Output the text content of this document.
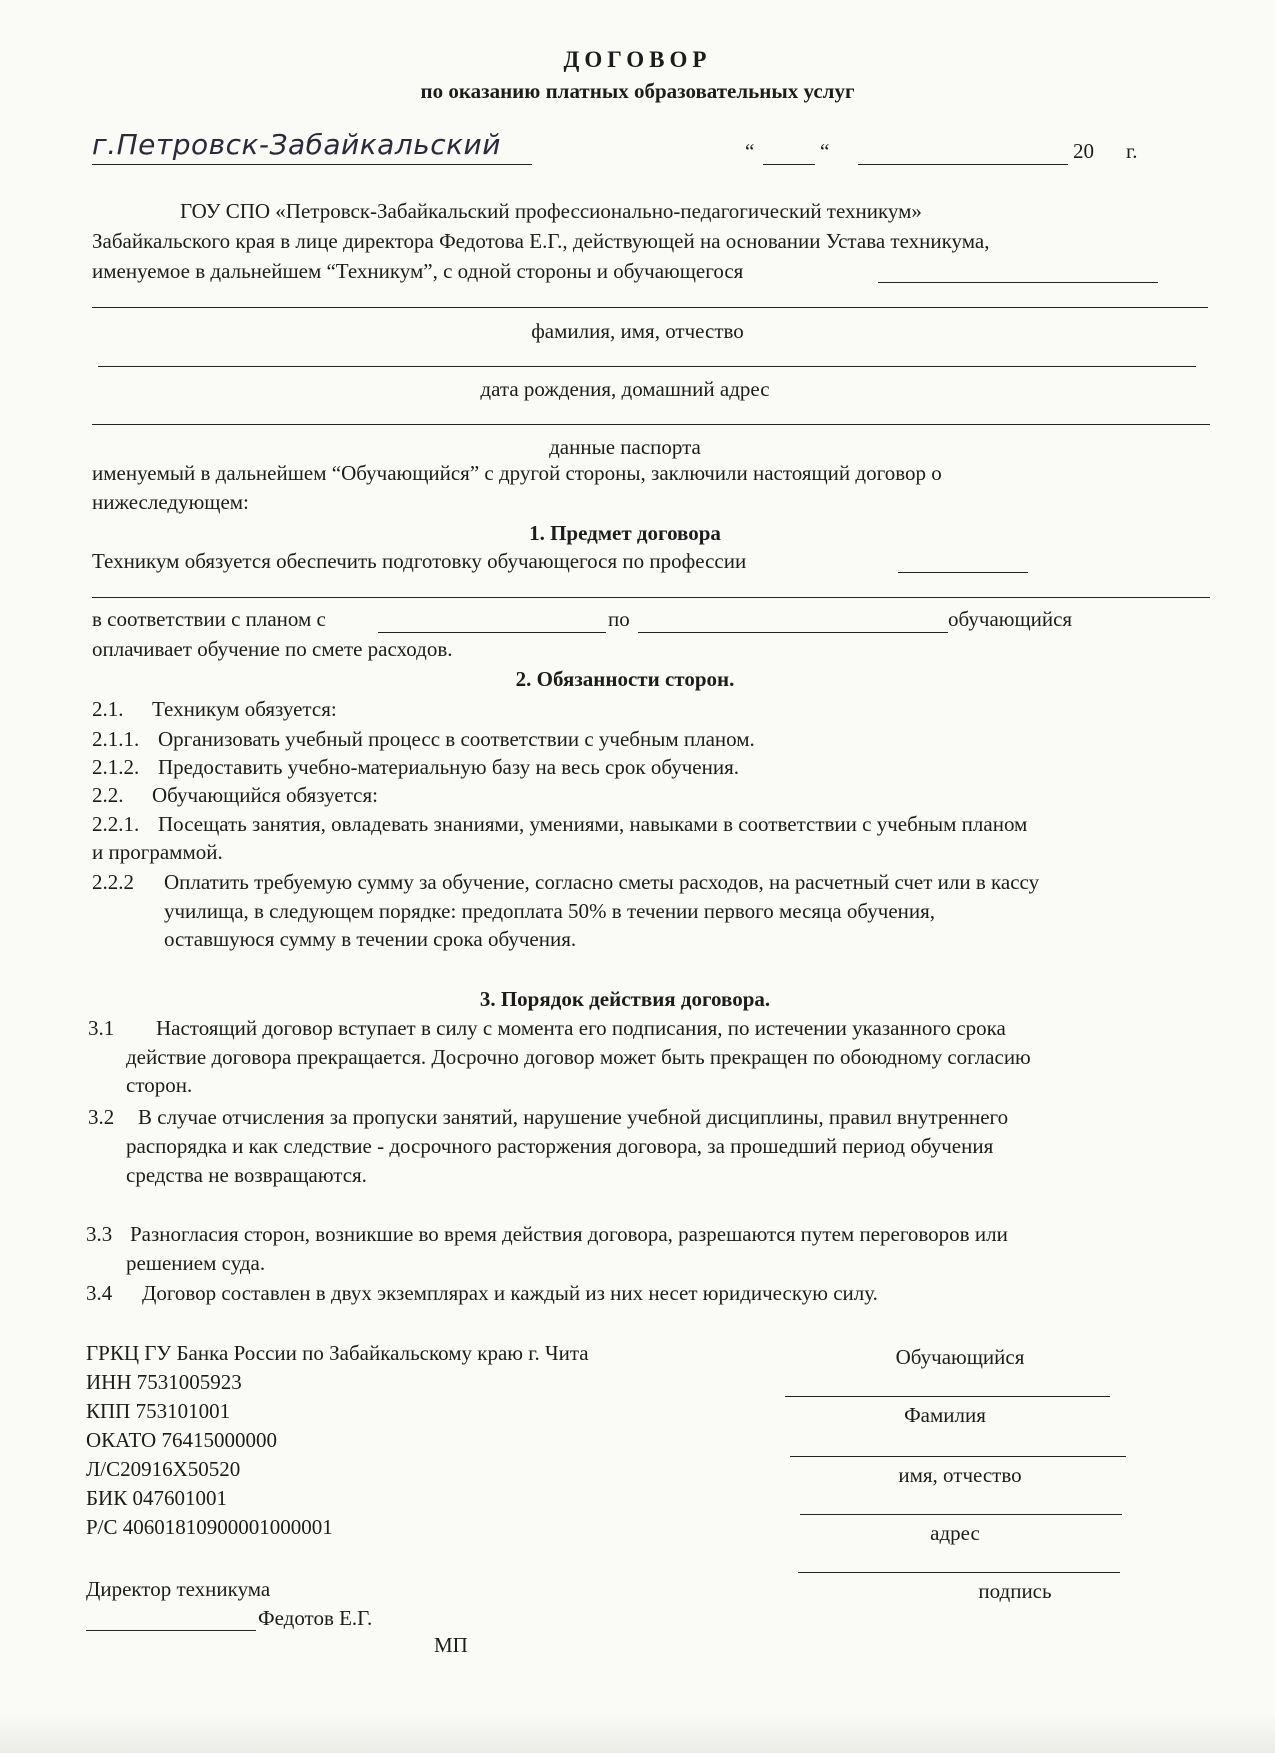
ДОГОВОР
по оказанию платных образовательных услуг
г.Петровск-Забайкальский	“	“	20 г.
ГОУ СПО «Петровск-Забайкальский профессионально-педагогический техникум»
Забайкальского края в лице директора Федотова Е.Г., действующей на основании Устава техникума,
именуемое в дальнейшем “Техникум”, с одной стороны и обучающегося
фамилия, имя, отчество
дата рождения, домашний адрес
данные паспорта
именуемый в дальнейшем “Обучающийся” с другой стороны, заключили настоящий договор о
нижеследующем:
1. Предмет договора
Техникум обязуется обеспечить подготовку обучающегося по профессии
в соответствии с планом с	по	обучающийся
оплачивает обучение по смете расходов.
2. Обязанности сторон.
2.1. Техникум обязуется:
2.1.1. Организовать учебный процесс в соответствии с учебным планом.
2.1.2. Предоставить учебно-материальную базу на весь срок обучения.
2.2. Обучающийся обязуется:
2.2.1. Посещать занятия, овладевать знаниями, умениями, навыками в соответствии с учебным планом
и программой.
2.2.2 Оплатить требуемую сумму за обучение, согласно сметы расходов, на расчетный счет или в кассу
училища, в следующем порядке: предоплата 50% в течении первого месяца обучения,
оставшуюся сумму в течении срока обучения.
3. Порядок действия договора.
3.1 Настоящий договор вступает в силу с момента его подписания, по истечении указанного срока
действие договора прекращается. Досрочно договор может быть прекращен по обоюдному согласию
сторон.
3.2 В случае отчисления за пропуски занятий, нарушение учебной дисциплины, правил внутреннего
распорядка и как следствие - досрочного расторжения договора, за прошедший период обучения
средства не возвращаются.
3.3 Разногласия сторон, возникшие во время действия договора, разрешаются путем переговоров или
решением суда.
3.4 Договор составлен в двух экземплярах и каждый из них несет юридическую силу.
ГРКЦ ГУ Банка России по Забайкальскому краю г. Чита
ИНН 7531005923
КПП 753101001
ОКАТО 76415000000
Л/С20916Х50520
БИК 047601001
Р/С 40601810900001000001
Обучающийся
Фамилия
имя, отчество
адрес
подпись
Директор техникума
Федотов Е.Г.
МП
